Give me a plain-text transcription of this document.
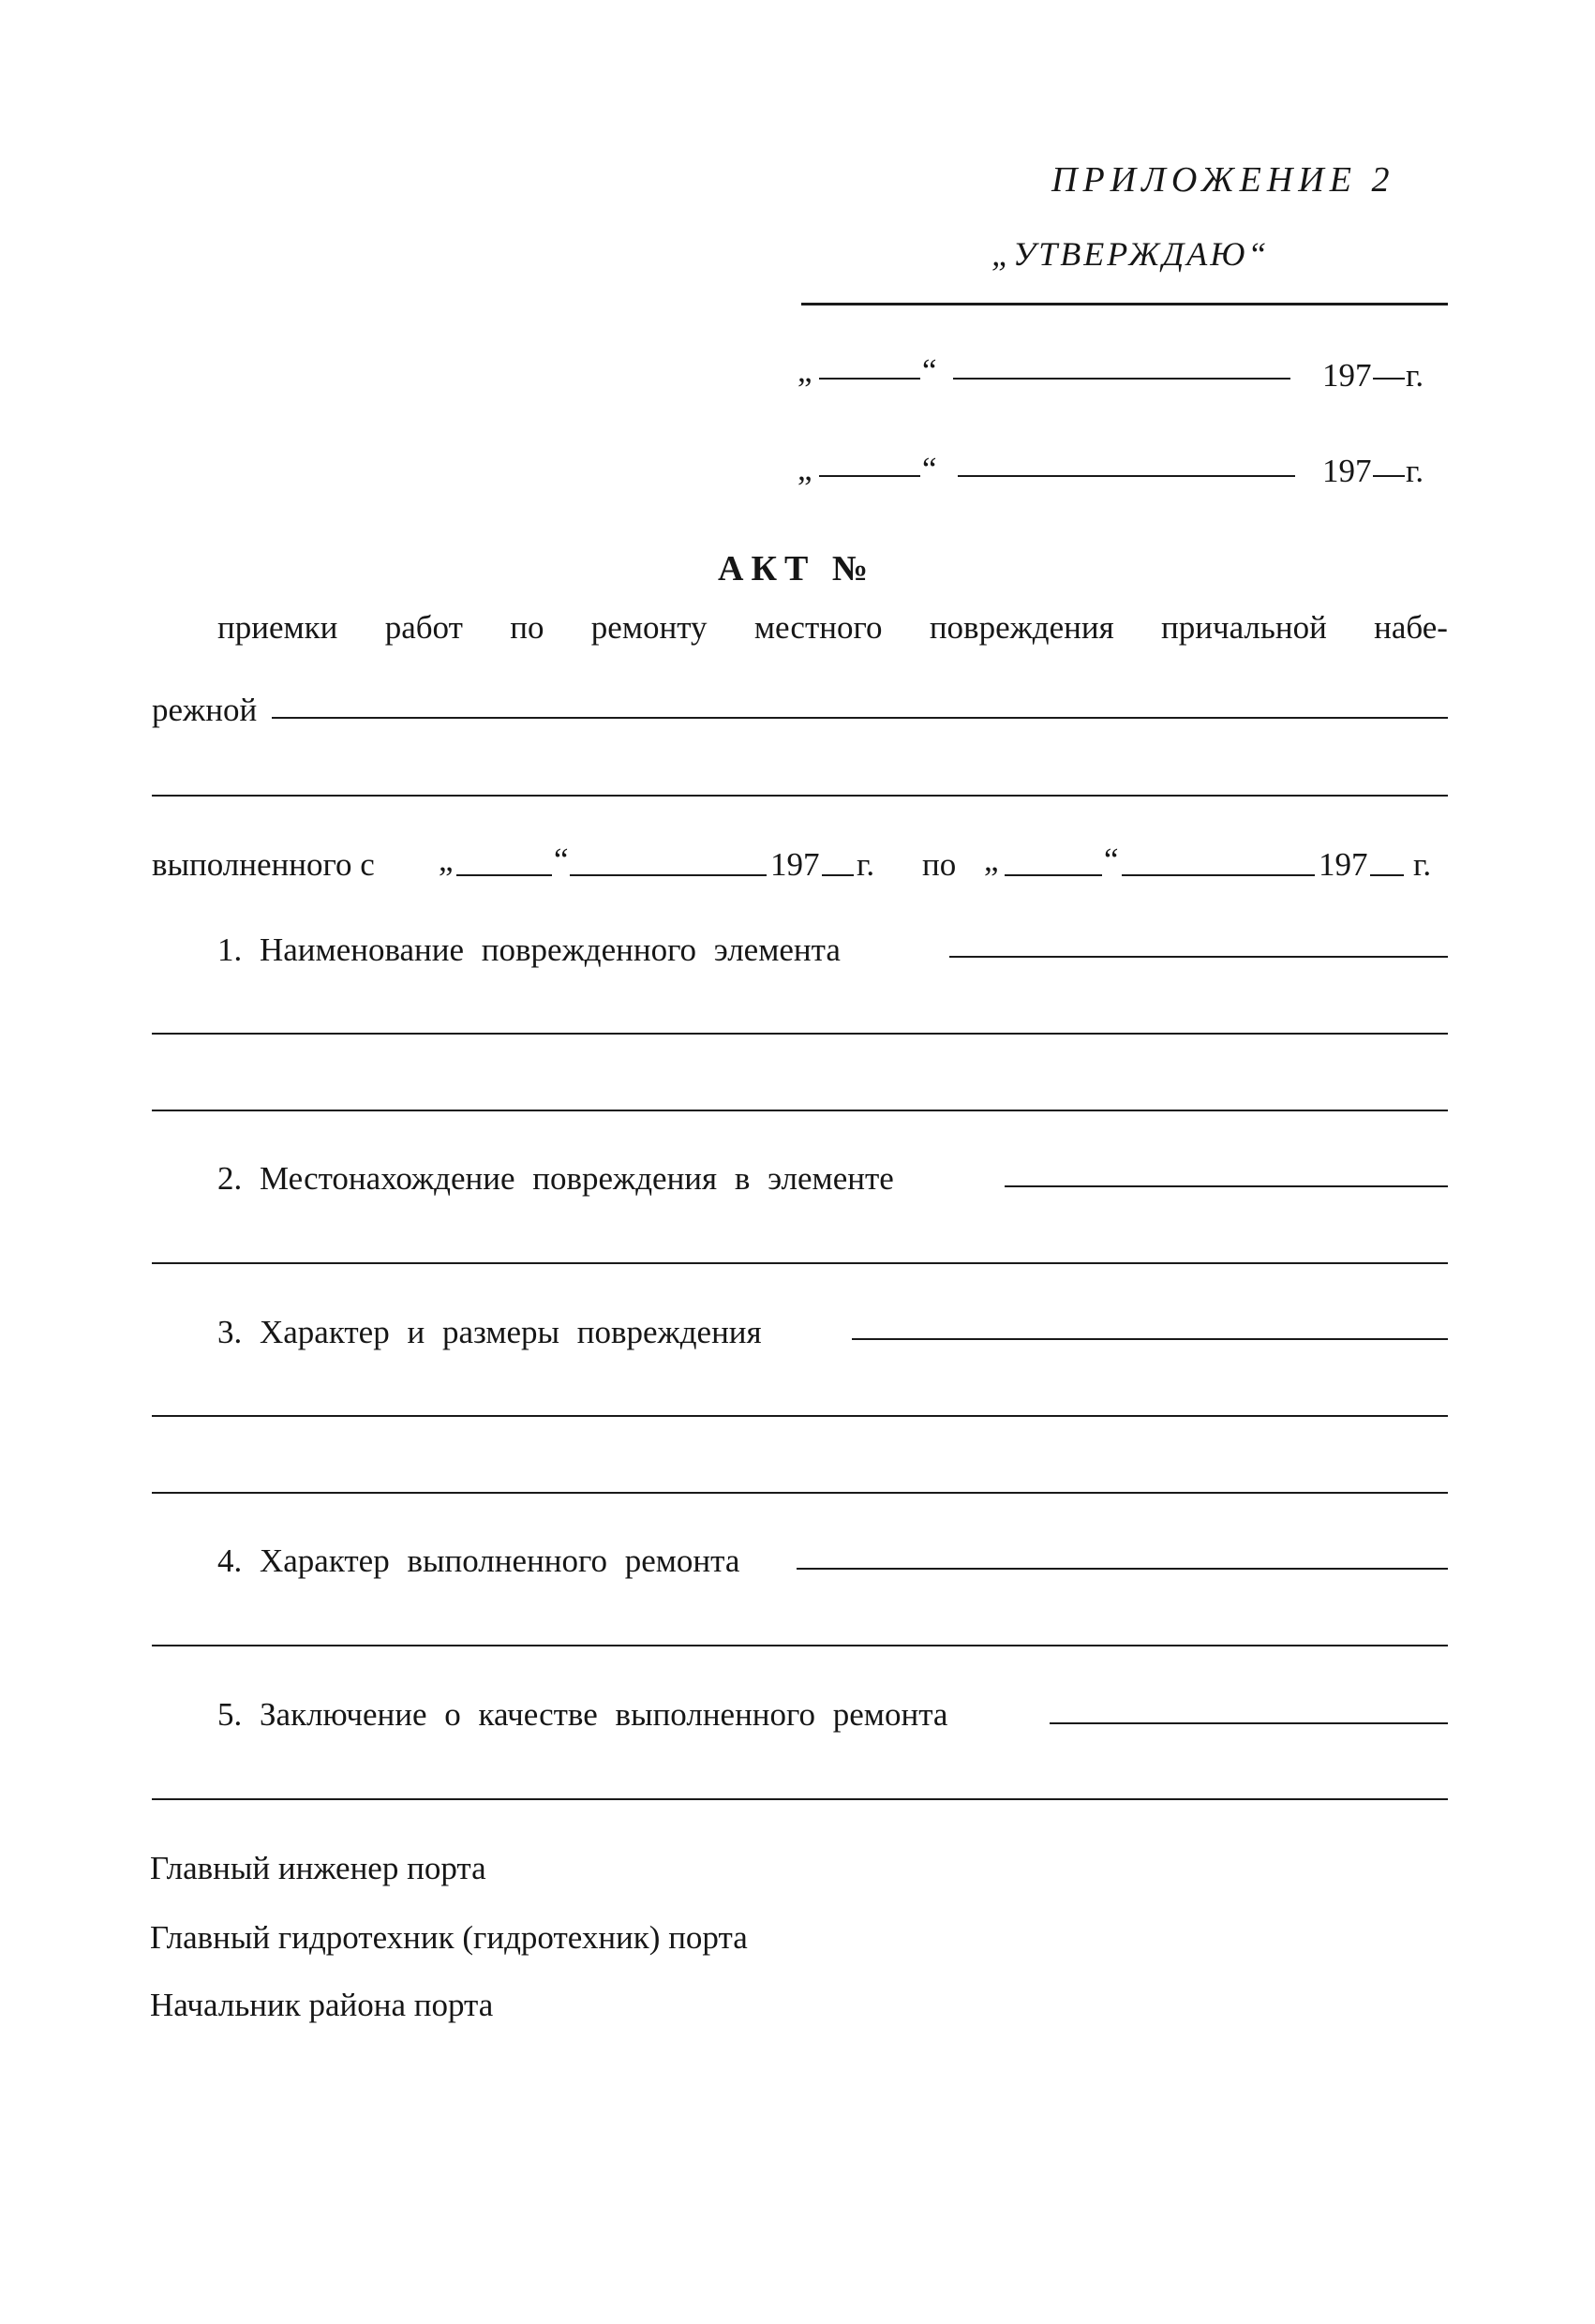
ПРИЛОЖЕНИЕ 2
„УТВЕРЖДАЮ“
„	“	197 г.
„	“	197 г.
АКТ №
приемки работ по ремонту местного повреждения причальной набе-
режной
выполненного с „	“	197 г. по „	“	197 г.
1. Наименование поврежденного элемента
2. Местонахождение повреждения в элементе
3. Характер и размеры повреждения
4. Характер выполненного ремонта
5. Заключение о качестве выполненного ремонта
Главный инженер порта
Главный гидротехник (гидротехник) порта
Начальник района порта
